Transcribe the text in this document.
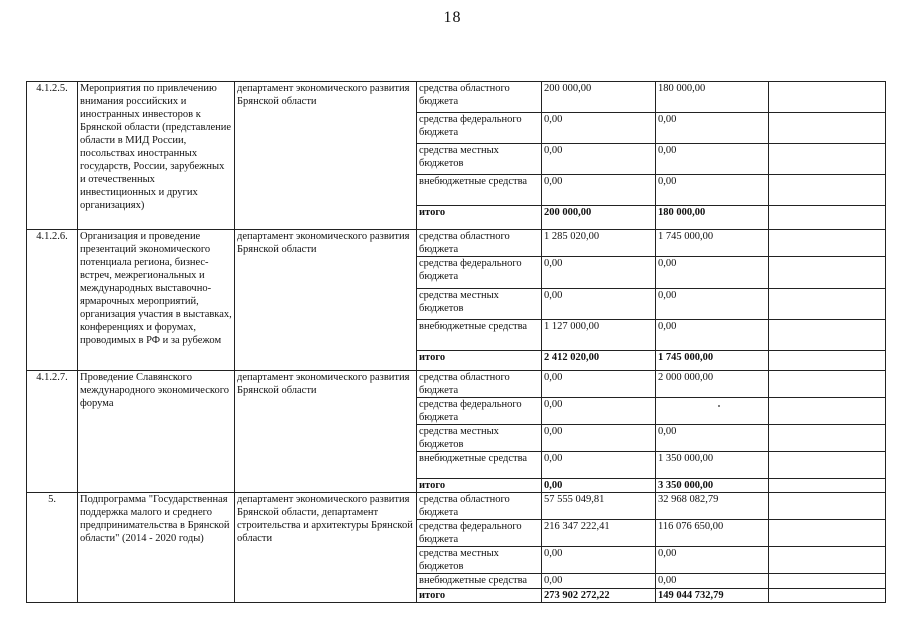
18
4.1.2.5.	Мероприятия по привлечению внимания российских и иностранных инвесторов к Брянской области (представление области в МИД России, посольствах иностранных государств, России, зарубежных и отечественных инвестиционных и других организациях)	департамент экономического развития Брянской области	средства областного бюджета	200 000,00	180 000,00	
			средства федерального бюджета	0,00	0,00	
			средства местных бюджетов	0,00	0,00	
			внебюджетные средства	0,00	0,00	
			итого	200 000,00	180 000,00	
4.1.2.6.	Организация и проведение презентаций экономического потенциала региона, бизнес-встреч, межрегиональных и международных выставочно-ярмарочных мероприятий, организация участия в выставках, конференциях и форумах, проводимых в РФ и за рубежом	департамент экономического развития Брянской области	средства областного бюджета	1 285 020,00	1 745 000,00	
			средства федерального бюджета	0,00	0,00	
			средства местных бюджетов	0,00	0,00	
			внебюджетные средства	1 127 000,00	0,00	
			итого	2 412 020,00	1 745 000,00	
4.1.2.7.	Проведение Славянского международного экономического форума	департамент экономического развития Брянской области	средства областного бюджета	0,00	2 000 000,00	
			средства федерального бюджета	0,00		
			средства местных бюджетов	0,00	0,00	
			внебюджетные средства	0,00	1 350 000,00	
			итого	0,00	3 350 000,00	
5.	Подпрограмма "Государственная поддержка малого и среднего предпринимательства в Брянской области" (2014 - 2020 годы)	департамент экономического развития Брянской области, департамент строительства и архитектуры Брянской области	средства областного бюджета	57 555 049,81	32 968 082,79	
			средства федерального бюджета	216 347 222,41	116 076 650,00	
			средства местных бюджетов	0,00	0,00	
			внебюджетные средства	0,00	0,00	
			итого	273 902 272,22	149 044 732,79	
